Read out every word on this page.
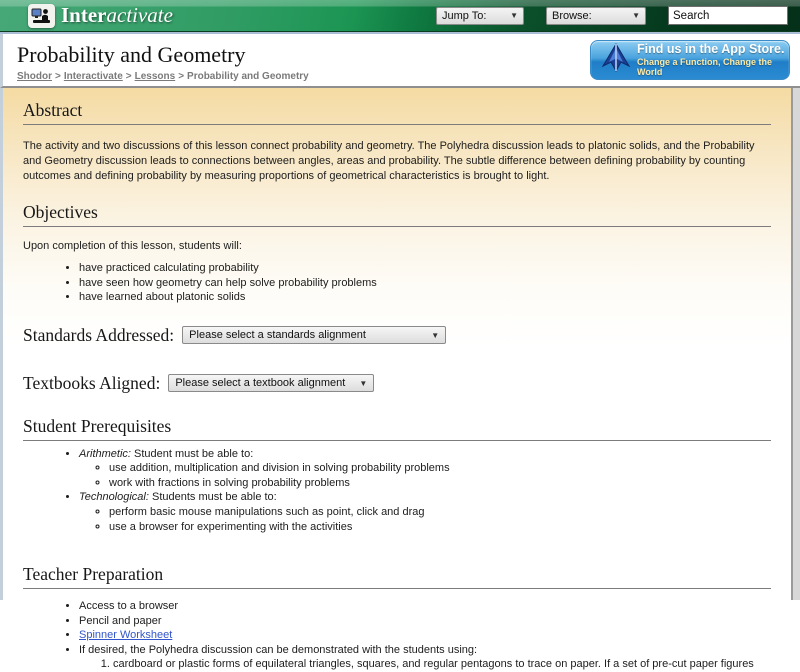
Interactivate	Jump To:	▼	Browse:	▼
Search
Probability and Geometry
Shodor > Interactivate > Lessons > Probability and Geometry
Find us in the App Store.
Change a Function, Change the World
Abstract

The activity and two discussions of this lesson connect probability and geometry. The Polyhedra discussion leads to platonic solids, and the Probability and Geometry discussion leads to connections between angles, areas and probability. The subtle difference between defining probability by counting outcomes and defining probability by measuring proportions of geometrical characteristics is brought to light.

Objectives

Upon completion of this lesson, students will:

• have practiced calculating probability
• have seen how geometry can help solve probability problems
• have learned about platonic solids
Standards Addressed: Please select a standards alignment	▼
Textbooks Aligned: Please select a textbook alignment ▼
Student Prerequisites
• Arithmetic: Student must be able to:
◦ use addition, multiplication and division in solving probability problems
◦ work with fractions in solving probability problems
• Technological: Students must be able to:
◦ perform basic mouse manipulations such as point, click and drag
◦ use a browser for experimenting with the activities
Teacher Preparation
• Access to a browser
• Pencil and paper
• Spinner Worksheet
• If desired, the Polyhedra discussion can be demonstrated with the students using:
1. cardboard or plastic forms of equilateral triangles, squares, and regular pentagons to trace on paper. If a set of pre-cut paper figures
